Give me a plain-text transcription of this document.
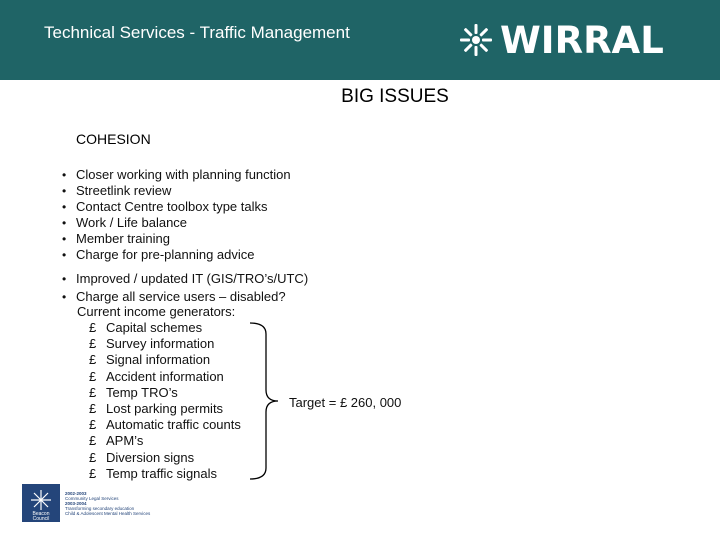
Technical Services - Traffic Management	WIRRAL
BIG ISSUES
COHESION
• Closer working with planning function
• Streetlink review
• Contact Centre toolbox type talks
• Work / Life balance
• Member training
• Charge for pre-planning advice
• Improved / updated IT (GIS/TRO’s/UTC)
• Charge all service users – disabled?
Current income generators:
£ Capital schemes
£ Survey information
£ Signal information
£ Accident information
£ Temp TRO’s
£ Lost parking permits
£ Automatic traffic counts
£ APM’s
£ Diversion signs
£ Temp traffic signals
Target = £ 260, 000
Beacon
Council
2002-2003
Community Legal Services
2003-2004
Transforming secondary education
Child & Adolescent Mental Health Services
